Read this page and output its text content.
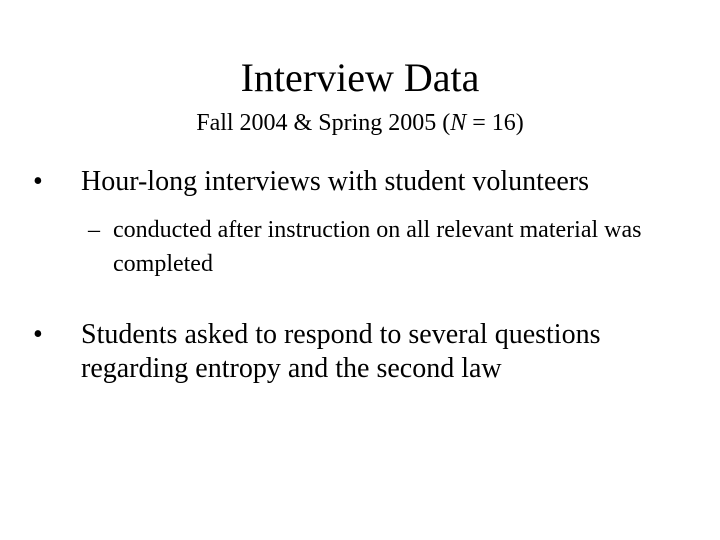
Interview Data
Fall 2004 & Spring 2005 (N = 16)
•	Hour-long interviews with student volunteers
– conducted after instruction on all relevant material was completed
•	Students asked to respond to several questions regarding entropy and the second law
